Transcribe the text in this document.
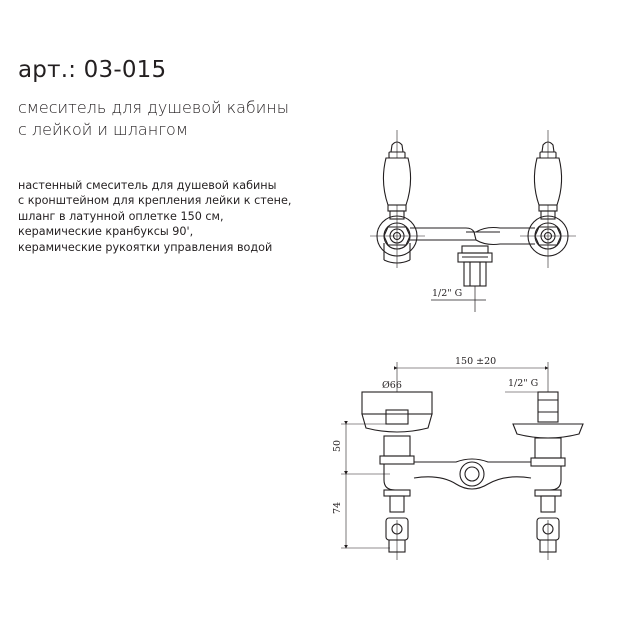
арт.: 03-015
смеситель для душевой кабины
с лейкой и шлангом
настенный смеситель для душевой кабины
с кронштейном для крепления лейки к стене,
шланг в латунной оплетке 150 см,
керамические кранбуксы 90',
керамические рукоятки управления водой
1/2" G
150 ±20
Ø66	1/2" G
50
74
